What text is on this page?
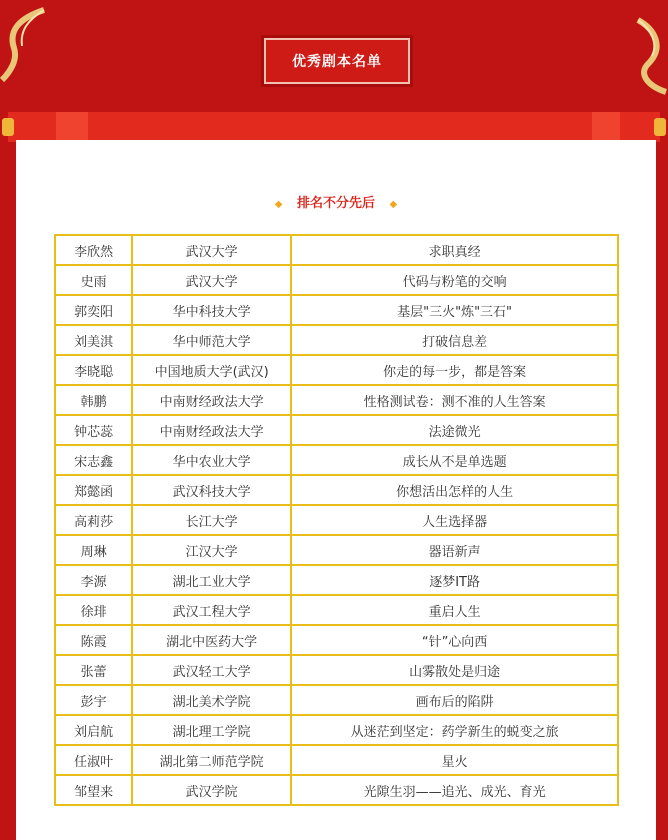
优秀剧本名单
◆ 排名不分先后 ◆
李欣然	武汉大学	求职真经
史雨	武汉大学	代码与粉笔的交响
郭奕阳	华中科技大学	基层"三火"炼"三石"
刘美淇	华中师范大学	打破信息差
李晓聪	中国地质大学(武汉)	你走的每一步，都是答案
韩鹏	中南财经政法大学	性格测试卷：测不准的人生答案
钟芯蕊	中南财经政法大学	法途微光
宋志鑫	华中农业大学	成长从不是单选题
郑懿函	武汉科技大学	你想活出怎样的人生
高莉莎	长江大学	人生选择器
周琳	江汉大学	器语新声
李源	湖北工业大学	逐梦IT路
徐琲	武汉工程大学	重启人生
陈霞	湖北中医药大学	“针”心向西
张蕾	武汉轻工大学	山雾散处是归途
彭宇	湖北美术学院	画布后的陷阱
刘启航	湖北理工学院	从迷茫到坚定：药学新生的蜕变之旅
任淑叶	湖北第二师范学院	星火
邹望来	武汉学院	光隙生羽——追光、成光、育光
